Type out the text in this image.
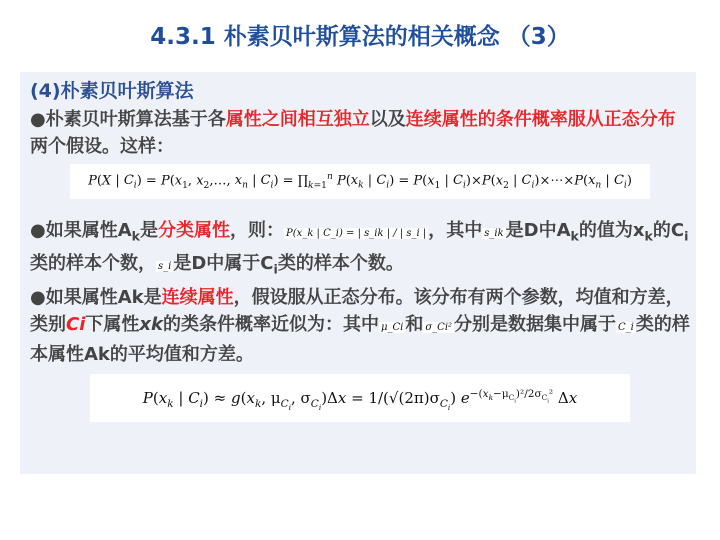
4.3.1 朴素贝叶斯算法的相关概念 （3）
(4)朴素贝叶斯算法
●朴素贝叶斯算法基于各属性之间相互独立以及连续属性的条件概率服从正态分布两个假设。这样：
P(X | $C_i) = P(x_1$, $x_2,\dots$, $x_n$ | $C_i$) = $\prod_{k=1}^n$ $P(x_k$ | $C_i) = P(x_1$ | $C_i)\times P(x_2$ | $C_i)\times\cdots\times P(x_n$ | $C_i$)
●如果属性$A_k$是分类属性，则： P(x_k | C_i) = | s_ik | / | s_i | ，其中 s_ik 是D中$A_k$的值为$x_k$的$C_i$类的样本个数， s_i 是D中属于$C_i$类的样本个数。
●如果属性Ak是连续属性，假设服从正态分布。该分布有两个参数，均值和方差，类别Ci下属性xk的类条件概率近似为：其中 μ_Ci 和 σ_Ci² 分别是数据集中属于 C_i 类的样本属性Ak的平均值和方差。
$P(x_k$ | $C_i) \approx g(x_k$, $\mu_{C_i}$, $\sigma_{C_i})\Delta x = 1/(√(2\pi)\sigma_{C_i})$ $e^{-(x_k-\mu_{C_i})^2/2\sigma_{C_i}^2}$ Δx
